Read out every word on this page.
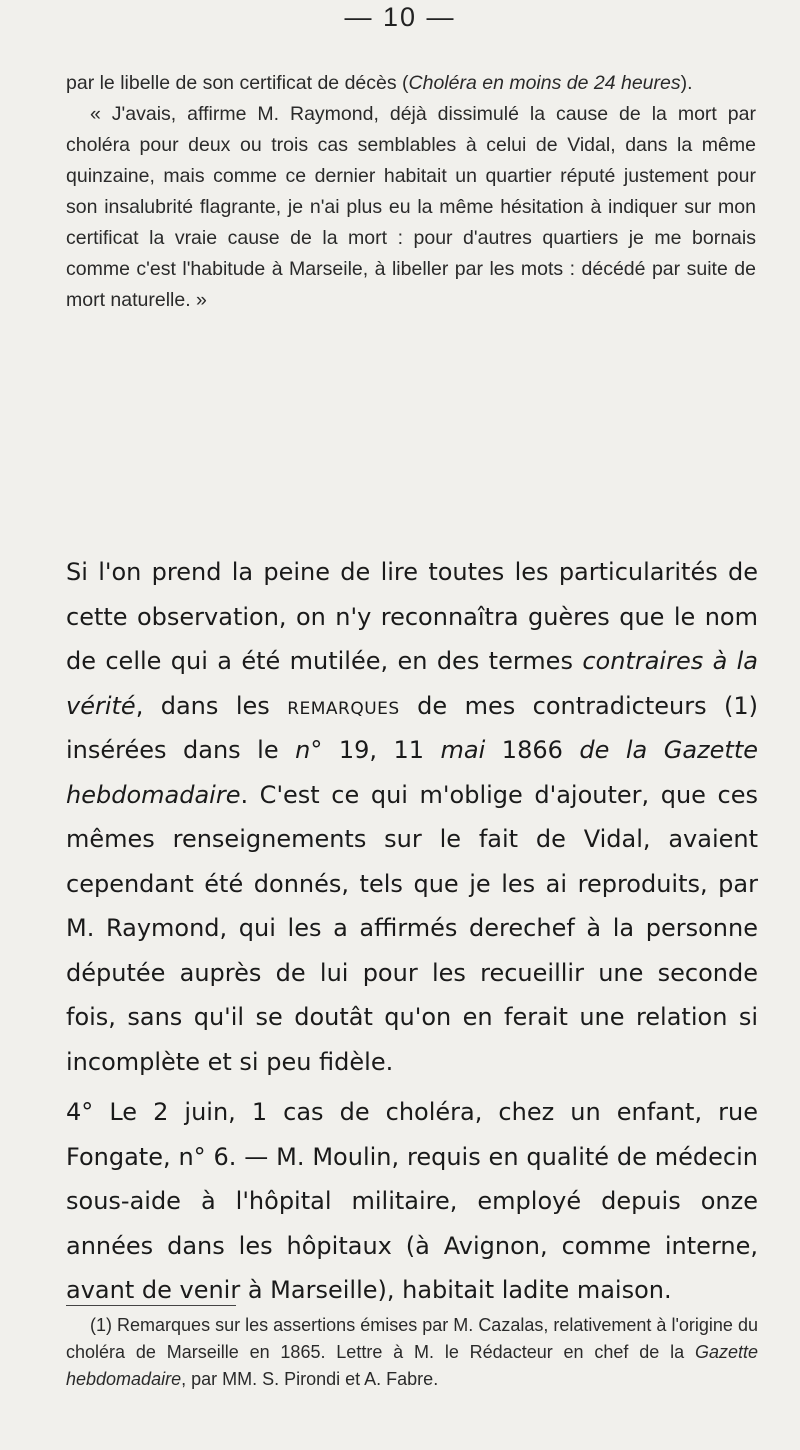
— 10 —

par le libelle de son certificat de décès (Choléra en moins de 24 heures).

« J'avais, affirme M. Raymond, déjà dissimulé la cause de la mort par choléra pour deux ou trois cas semblables à celui de Vidal, dans la même quinzaine, mais comme ce dernier habitait un quartier réputé justement pour son insalubrité flagrante, je n'ai plus eu la même hésitation à indiquer sur mon certificat la vraie cause de la mort : pour d'autres quartiers je me bornais comme c'est l'habitude à Marseile, à libeller par les mots : décédé par suite de mort naturelle. »

Si l'on prend la peine de lire toutes les particularités de cette observation, on n'y reconnaîtra guères que le nom de celle qui a été mutilée, en des termes contraires à la vérité, dans les remarques de mes contradicteurs (1) insérées dans le n° 19, 11 mai 1866 de la Gazette hebdomadaire. C'est ce qui m'oblige d'ajouter, que ces mêmes renseignements sur le fait de Vidal, avaient cependant été donnés, tels que je les ai reproduits, par M. Raymond, qui les a affirmés derechef à la personne députée auprès de lui pour les recueillir une seconde fois, sans qu'il se doutât qu'on en ferait une relation si incomplète et si peu fidèle.

4° Le 2 juin, 1 cas de choléra, chez un enfant, rue Fongate, n° 6. — M. Moulin, requis en qualité de médecin sous-aide à l'hôpital militaire, employé depuis onze années dans les hôpitaux (à Avignon, comme interne, avant de venir à Marseille), habitait ladite maison.

(1) Remarques sur les assertions émises par M. Cazalas, relativement à l'origine du choléra de Marseille en 1865. Lettre à M. le Rédacteur en chef de la Gazette hebdomadaire, par MM. S. Pirondi et A. Fabre.
